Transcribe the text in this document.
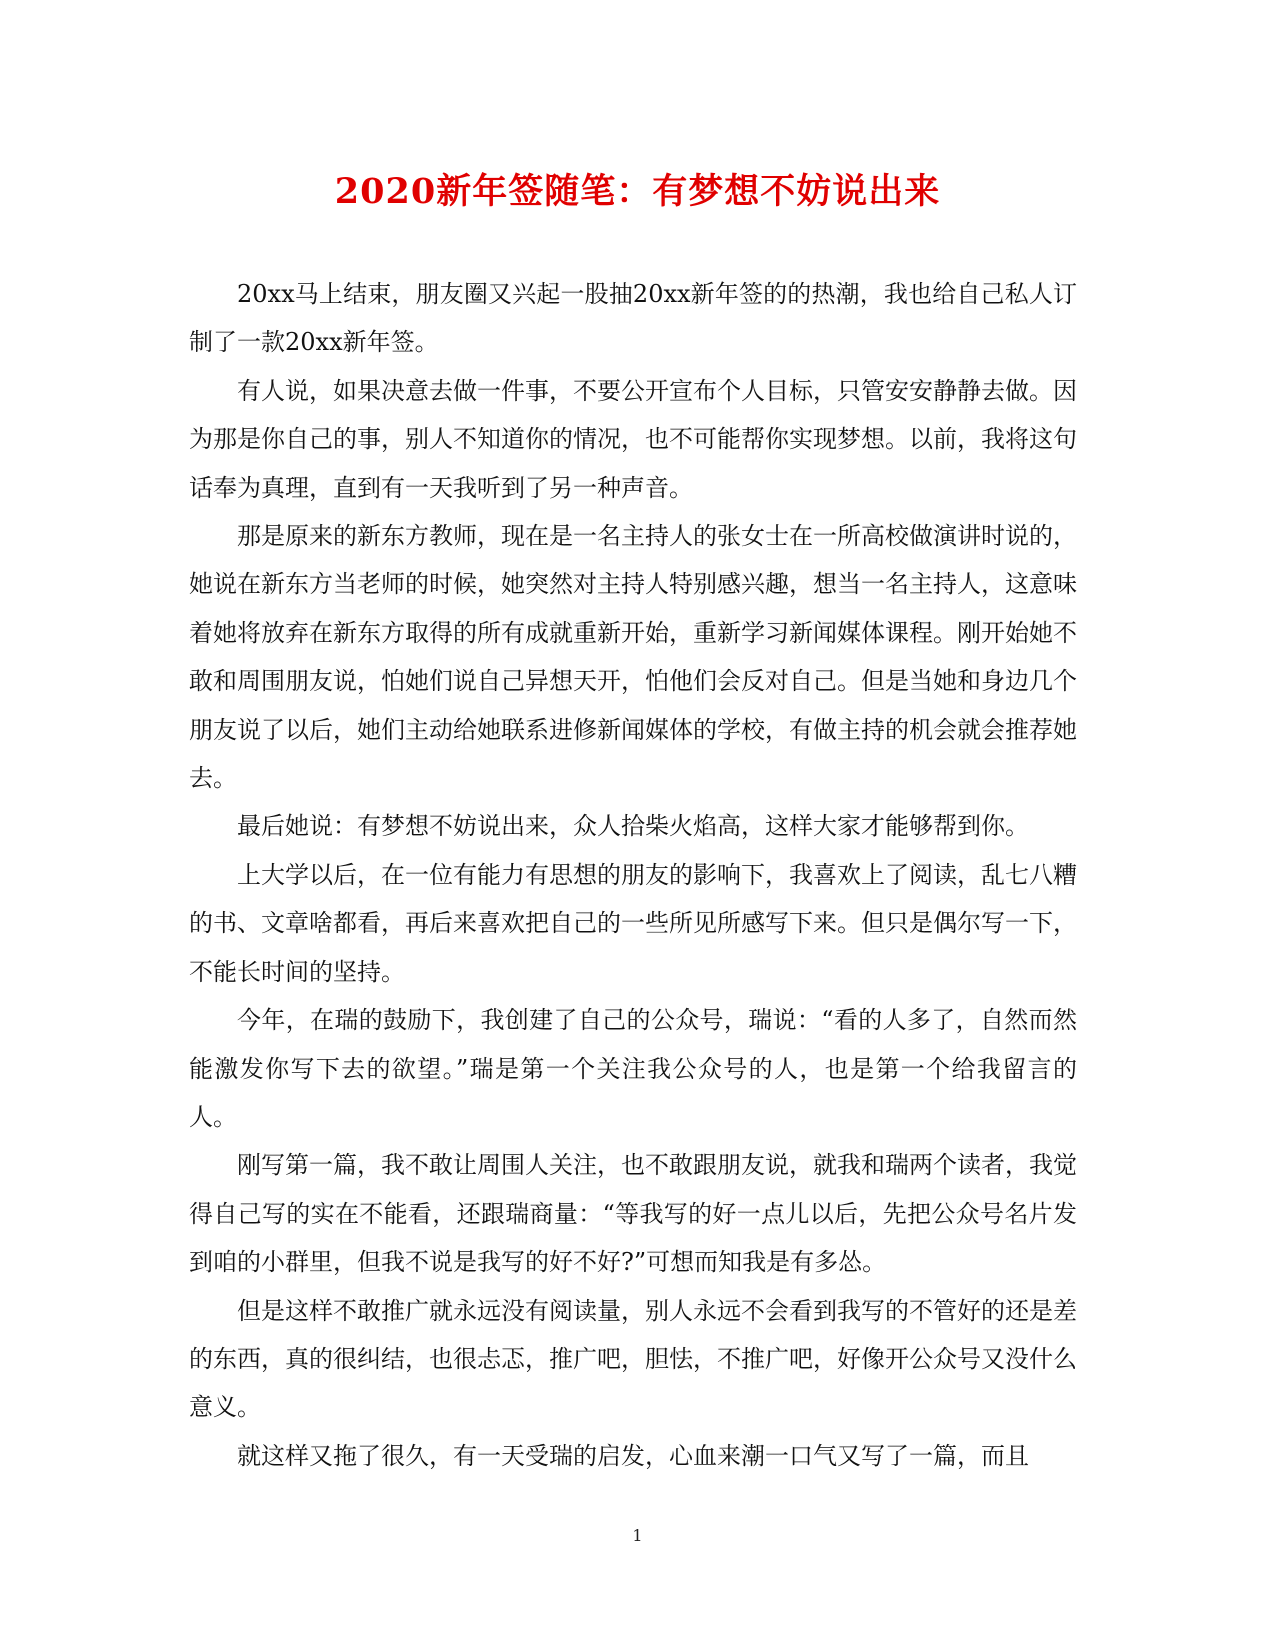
2020新年签随笔：有梦想不妨说出来

20xx马上结束，朋友圈又兴起一股抽20xx新年签的的热潮，我也给自己私人订制了一款20xx新年签。

有人说，如果决意去做一件事，不要公开宣布个人目标，只管安安静静去做。因为那是你自己的事，别人不知道你的情况，也不可能帮你实现梦想。以前，我将这句话奉为真理，直到有一天我听到了另一种声音。

那是原来的新东方教师，现在是一名主持人的张女士在一所高校做演讲时说的，她说在新东方当老师的时候，她突然对主持人特别感兴趣，想当一名主持人，这意味着她将放弃在新东方取得的所有成就重新开始，重新学习新闻媒体课程。刚开始她不敢和周围朋友说，怕她们说自己异想天开，怕他们会反对自己。但是当她和身边几个朋友说了以后，她们主动给她联系进修新闻媒体的学校，有做主持的机会就会推荐她去。

最后她说：有梦想不妨说出来，众人拾柴火焰高，这样大家才能够帮到你。

上大学以后，在一位有能力有思想的朋友的影响下，我喜欢上了阅读，乱七八糟的书、文章啥都看，再后来喜欢把自己的一些所见所感写下来。但只是偶尔写一下，不能长时间的坚持。

今年，在瑞的鼓励下，我创建了自己的公众号，瑞说：“看的人多了，自然而然能激发你写下去的欲望。”瑞是第一个关注我公众号的人，也是第一个给我留言的人。

刚写第一篇，我不敢让周围人关注，也不敢跟朋友说，就我和瑞两个读者，我觉得自己写的实在不能看，还跟瑞商量：“等我写的好一点儿以后，先把公众号名片发到咱的小群里，但我不说是我写的好不好?”可想而知我是有多怂。

但是这样不敢推广就永远没有阅读量，别人永远不会看到我写的不管好的还是差的东西，真的很纠结，也很忐忑，推广吧，胆怯，不推广吧，好像开公众号又没什么意义。

就这样又拖了很久，有一天受瑞的启发，心血来潮一口气又写了一篇，而且

1
